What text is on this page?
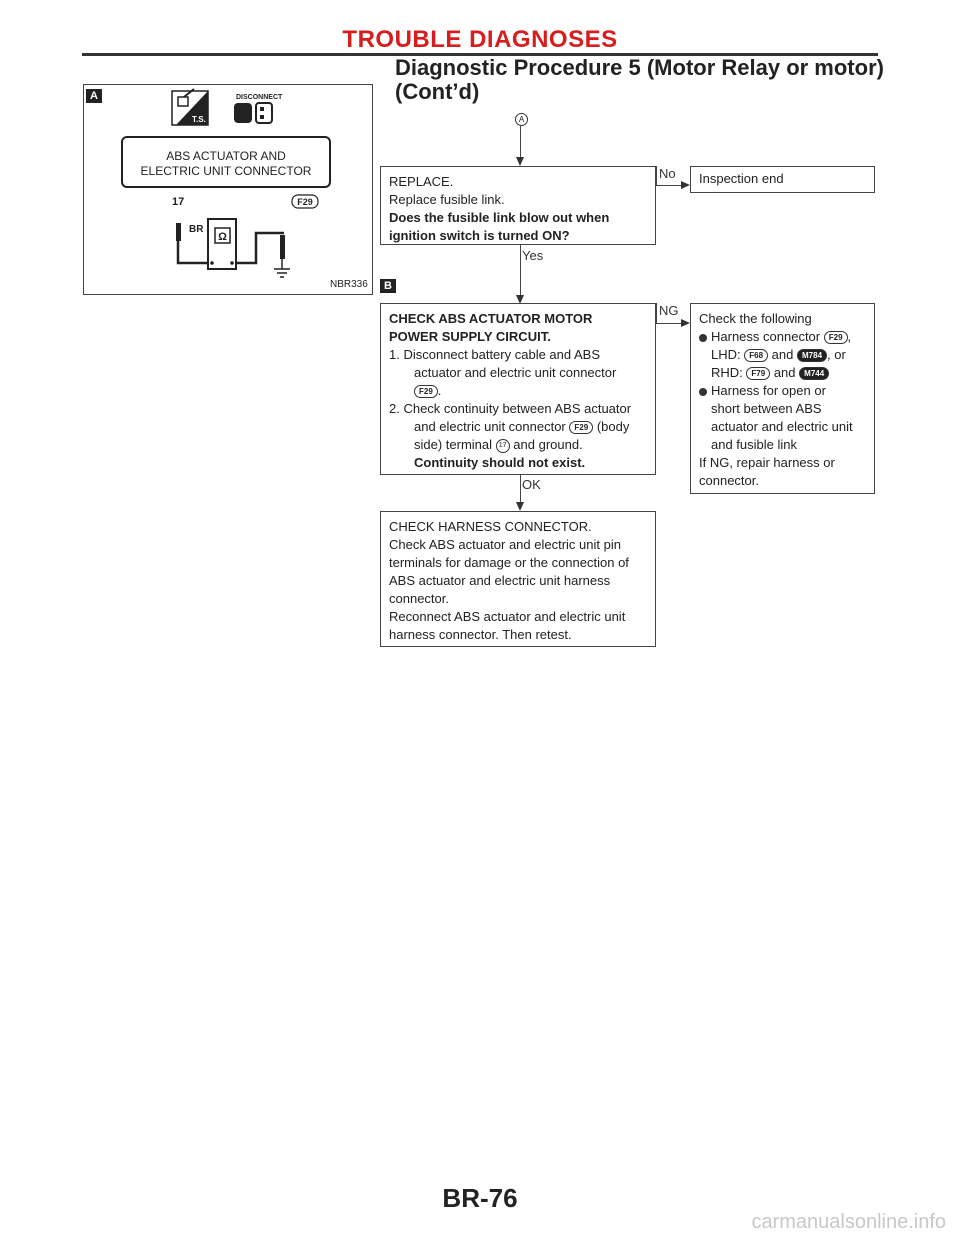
TROUBLE DIAGNOSES
Diagnostic Procedure 5 (Motor Relay or motor)
(Cont’d)
A
T.S.
DISCONNECT
ABS ACTUATOR AND
ELECTRIC UNIT CONNECTOR
17	F29
BR
Ω
NBR336
A
REPLACE.
Replace fusible link.
Does the fusible link blow out when
ignition switch is turned ON?
No	Inspection end
Yes
B
CHECK ABS ACTUATOR MOTOR
POWER SUPPLY CIRCUIT.
1. Disconnect battery cable and ABS
actuator and electric unit connector
F29 .
2. Check continuity between ABS actuator
and electric unit connector F29 (body
side) terminal 17 and ground.
Continuity should not exist.
NG
Check the following
Harness connector F29 ,
LHD: F68 and M784 , or
RHD: F79 and M744
Harness for open or
short between ABS
actuator and electric unit
and fusible link
If NG, repair harness or
connector.
OK
CHECK HARNESS CONNECTOR.
Check ABS actuator and electric unit pin
terminals for damage or the connection of
ABS actuator and electric unit harness
connector.
Reconnect ABS actuator and electric unit
harness connector. Then retest.
BR-76
carmanualsonline.info
